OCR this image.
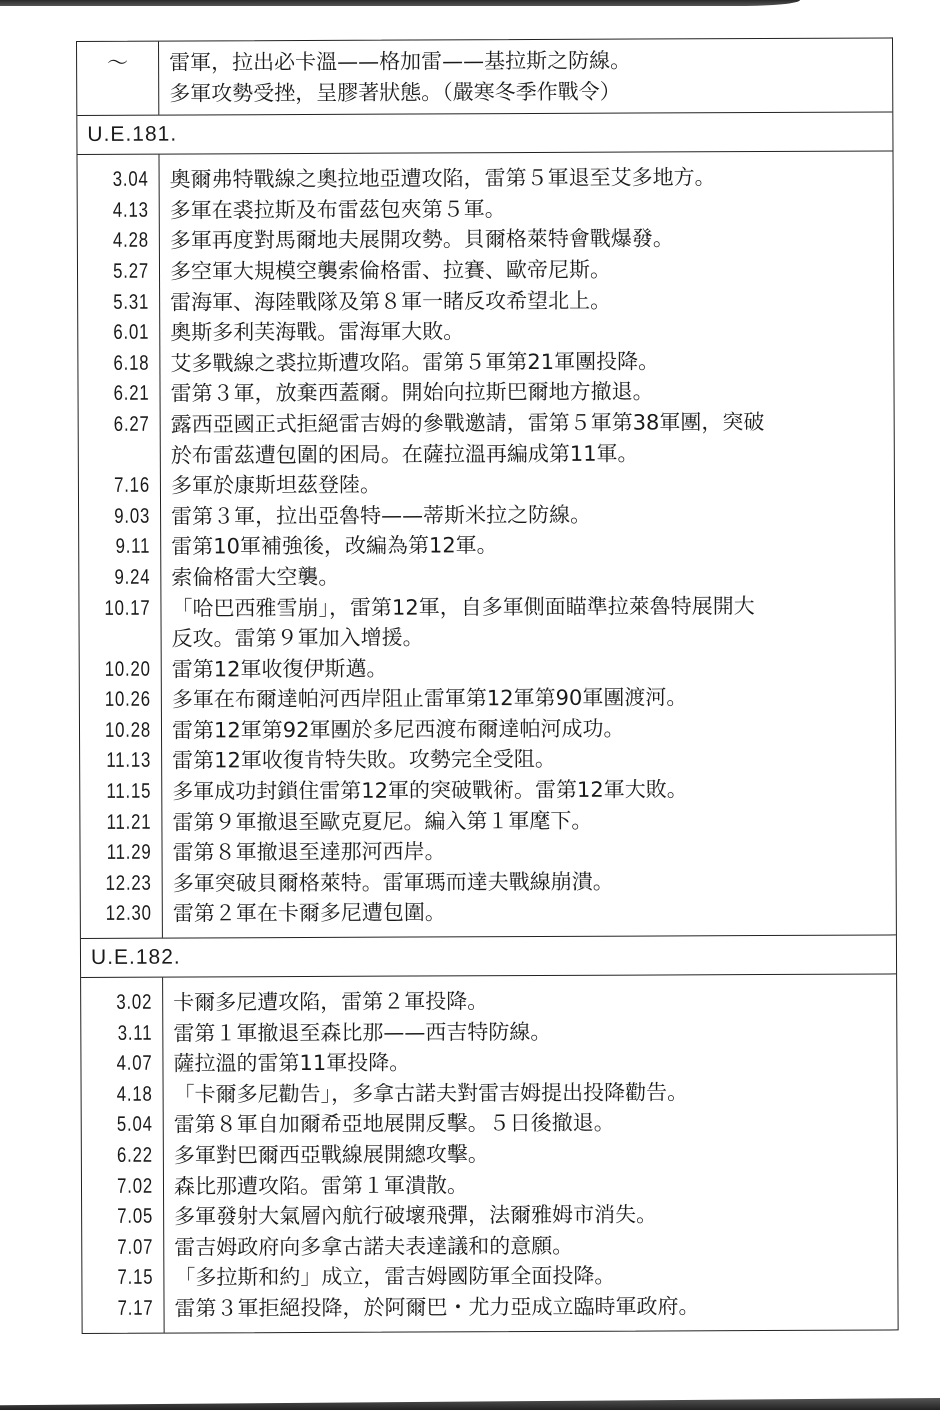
～	雷軍，拉出必卡溫——格加雷——基拉斯之防線。
多軍攻勢受挫，呈膠著狀態。（嚴寒冬季作戰令）
U.E.181.
3.04
4.13
4.28
5.27
5.31
6.01
6.18
6.21
6.27
7.16
9.03
9.11
9.24
10.17
10.20
10.26
10.28
11.13
11.15
11.21
11.29
12.23
12.30
奧爾弗特戰線之奧拉地亞遭攻陷，雷第５軍退至艾多地方。
多軍在裘拉斯及布雷茲包夾第５軍。
多軍再度對馬爾地夫展開攻勢。貝爾格萊特會戰爆發。
多空軍大規模空襲索倫格雷、拉賽、歐帝尼斯。
雷海軍、海陸戰隊及第８軍一睹反攻希望北上。
奧斯多利芙海戰。雷海軍大敗。
艾多戰線之裘拉斯遭攻陷。雷第５軍第21軍團投降。
雷第３軍，放棄西蓋爾。開始向拉斯巴爾地方撤退。
露西亞國正式拒絕雷吉姆的參戰邀請，雷第５軍第38軍團，突破
於布雷茲遭包圍的困局。在薩拉溫再編成第11軍。
多軍於康斯坦茲登陸。
雷第３軍，拉出亞魯特——蒂斯米拉之防線。
雷第10軍補強後，改編為第12軍。
索倫格雷大空襲。
「哈巴西雅雪崩」，雷第12軍，自多軍側面瞄準拉萊魯特展開大
反攻。雷第９軍加入增援。
雷第12軍收復伊斯邁。
多軍在布爾達帕河西岸阻止雷軍第12軍第90軍團渡河。
雷第12軍第92軍團於多尼西渡布爾達帕河成功。
雷第12軍收復肯特失敗。攻勢完全受阻。
多軍成功封鎖住雷第12軍的突破戰術。雷第12軍大敗。
雷第９軍撤退至歐克夏尼。編入第１軍麾下。
雷第８軍撤退至達那河西岸。
多軍突破貝爾格萊特。雷軍瑪而達夫戰線崩潰。
雷第２軍在卡爾多尼遭包圍。
U.E.182.
3.02
3.11
4.07
4.18
5.04
6.22
7.02
7.05
7.07
7.15
7.17
卡爾多尼遭攻陷，雷第２軍投降。
雷第１軍撤退至森比那——西吉特防線。
薩拉溫的雷第11軍投降。
「卡爾多尼勸告」，多拿古諾夫對雷吉姆提出投降勸告。
雷第８軍自加爾希亞地展開反擊。５日後撤退。
多軍對巴爾西亞戰線展開總攻擊。
森比那遭攻陷。雷第１軍潰散。
多軍發射大氣層內航行破壞飛彈，法爾雅姆市消失。
雷吉姆政府向多拿古諾夫表達議和的意願。
「多拉斯和約」成立，雷吉姆國防軍全面投降。
雷第３軍拒絕投降，於阿爾巴・尤力亞成立臨時軍政府。
